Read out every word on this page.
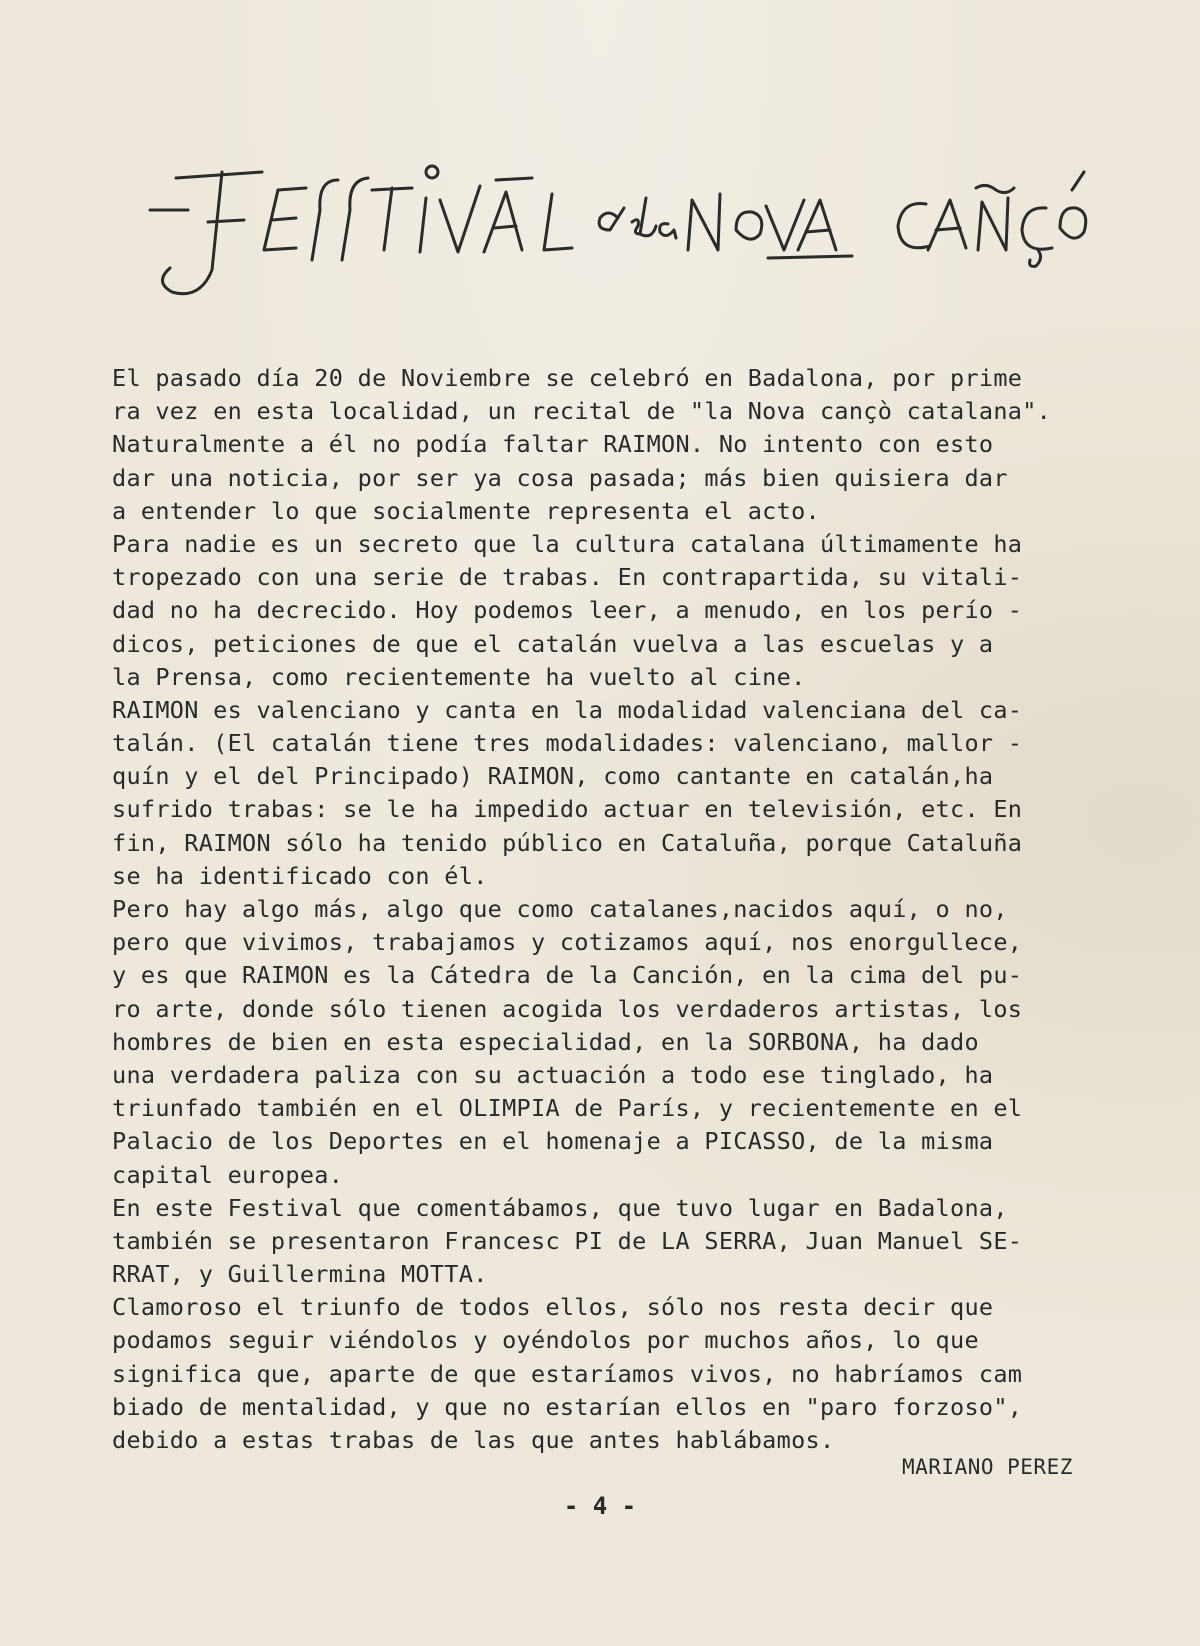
El pasado día 20 de Noviembre se celebró en Badalona, por prime
ra vez en esta localidad, un recital de "la Nova cançò catalana".
Naturalmente a él no podía faltar RAIMON. No intento con esto
dar una noticia, por ser ya cosa pasada; más bien quisiera dar
a entender lo que socialmente representa el acto.
Para nadie es un secreto que la cultura catalana últimamente ha
tropezado con una serie de trabas. En contrapartida, su vitali-
dad no ha decrecido. Hoy podemos leer, a menudo, en los perío -
dicos, peticiones de que el catalán vuelva a las escuelas y a
la Prensa, como recientemente ha vuelto al cine.
RAIMON es valenciano y canta en la modalidad valenciana del ca-
talán. (El catalán tiene tres modalidades: valenciano, mallor -
quín y el del Principado) RAIMON, como cantante en catalán,ha
sufrido trabas: se le ha impedido actuar en televisión, etc. En
fin, RAIMON sólo ha tenido público en Cataluña, porque Cataluña
se ha identificado con él.
Pero hay algo más, algo que como catalanes,nacidos aquí, o no,
pero que vivimos, trabajamos y cotizamos aquí, nos enorgullece,
y es que RAIMON es la Cátedra de la Canción, en la cima del pu-
ro arte, donde sólo tienen acogida los verdaderos artistas, los
hombres de bien en esta especialidad, en la SORBONA, ha dado
una verdadera paliza con su actuación a todo ese tinglado, ha
triunfado también en el OLIMPIA de París, y recientemente en el
Palacio de los Deportes en el homenaje a PICASSO, de la misma
capital europea.
En este Festival que comentábamos, que tuvo lugar en Badalona,
también se presentaron Francesc PI de LA SERRA, Juan Manuel SE-
RRAT, y Guillermina MOTTA.
Clamoroso el triunfo de todos ellos, sólo nos resta decir que
podamos seguir viéndolos y oyéndolos por muchos años, lo que
significa que, aparte de que estaríamos vivos, no habríamos cam
biado de mentalidad, y que no estarían ellos en "paro forzoso",
debido a estas trabas de las que antes hablábamos.
MARIANO PEREZ
- 4 -
